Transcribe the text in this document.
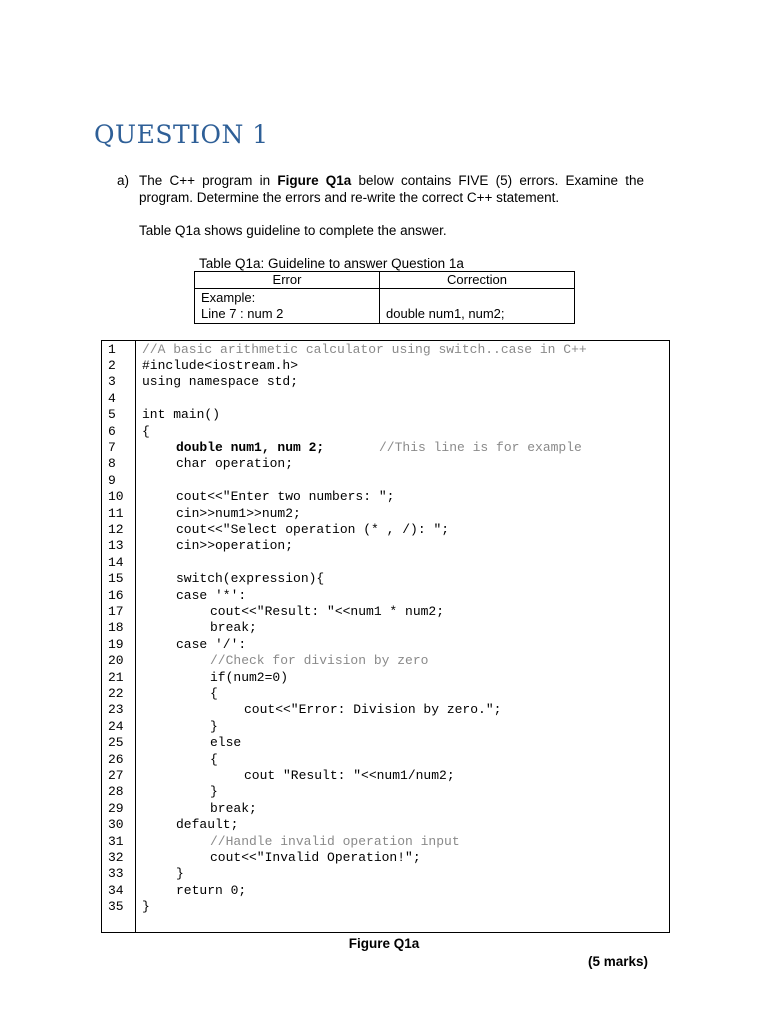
QUESTION 1
a) The C++ program in Figure Q1a below contains FIVE (5) errors. Examine the program. Determine the errors and re-write the correct C++ statement.
Table Q1a shows guideline to complete the answer.
Table Q1a: Guideline to answer Question 1a
Error	Correction

Example:
Line 7 : num 2	double num1, num2;
1	//A basic arithmetic calculator using switch..case in C++
2	#include<iostream.h>
3	using namespace std;
4
5	int main()
6	{
7	double num1, num 2;	//This line is for example
8	char operation;
9
10	cout<<"Enter two numbers: ";
11	cin>>num1>>num2;
12	cout<<"Select operation (* , /): ";
13	cin>>operation;
14
15	switch(expression){
16	case '*':
17	cout<<"Result: "<<num1 * num2;
18	break;
19	case '/':
20	//Check for division by zero
21	if(num2=0)
22	{
23	cout<<"Error: Division by zero.";
24	}
25	else
26	{
27	cout "Result: "<<num1/num2;
28	}
29	break;
30	default;
31	//Handle invalid operation input
32	cout<<"Invalid Operation!";
33	}
34	return 0;
35	}
Figure Q1a
(5 marks)
